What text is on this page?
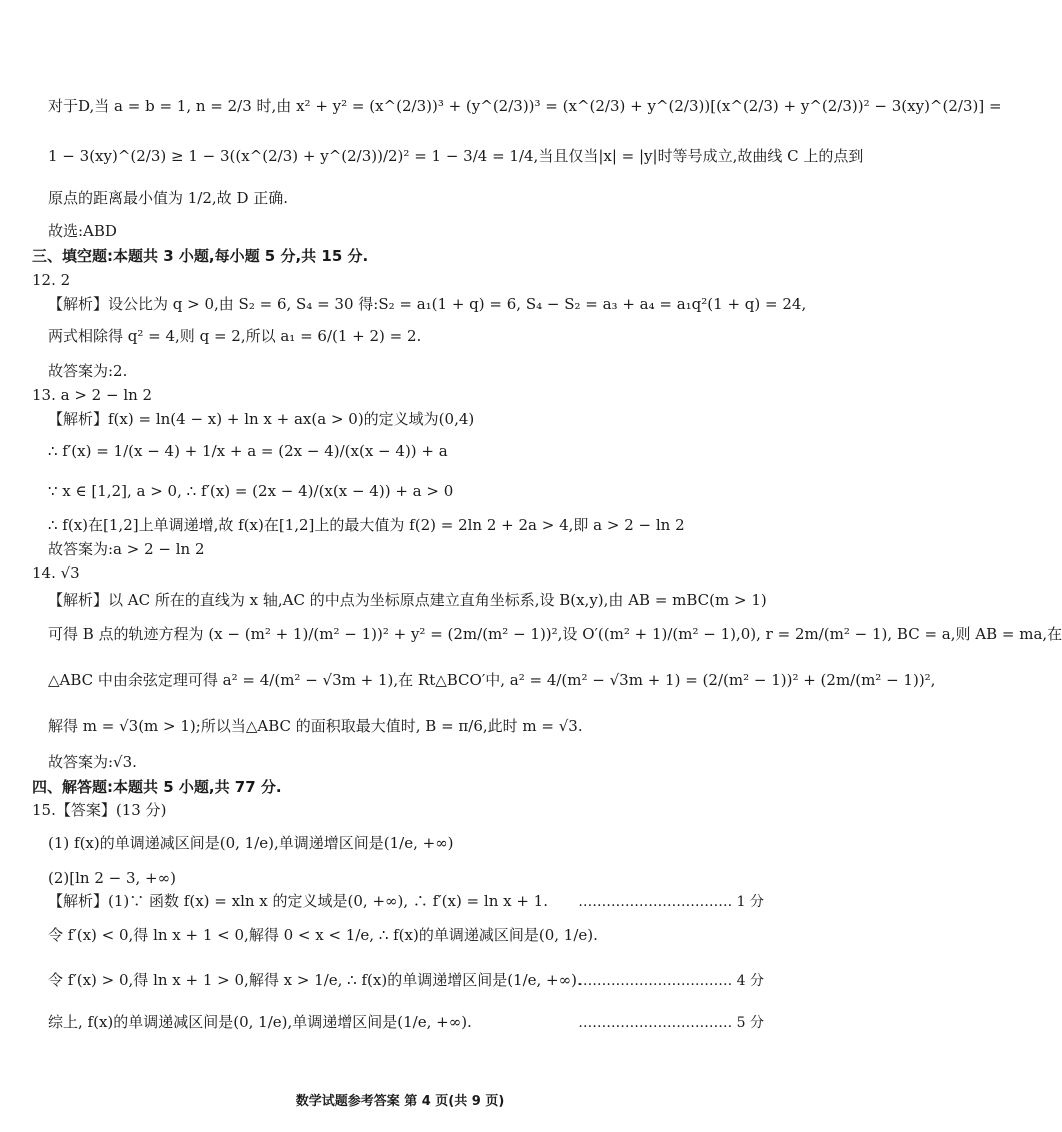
对于D,当 a = b = 1, n = 2/3 时,由 x² + y² = (x^(2/3))³ + (y^(2/3))³ = (x^(2/3) + y^(2/3))[(x^(2/3) + y^(2/3))² − 3(xy)^(2/3)] =
1 − 3(xy)^(2/3) ≥ 1 − 3((x^(2/3) + y^(2/3))/2)² = 1 − 3/4 = 1/4,当且仅当|x| = |y|时等号成立,故曲线 C 上的点到
原点的距离最小值为 1/2,故 D 正确.
故选:ABD
三、填空题:本题共 3 小题,每小题 5 分,共 15 分.
12. 2
【解析】设公比为 q > 0,由 S₂ = 6, S₄ = 30 得:S₂ = a₁(1 + q) = 6, S₄ − S₂ = a₃ + a₄ = a₁q²(1 + q) = 24,
两式相除得 q² = 4,则 q = 2,所以 a₁ = 6/(1 + 2) = 2.
故答案为:2.
13. a > 2 − ln 2
【解析】f(x) = ln(4 − x) + ln x + ax(a > 0)的定义域为(0,4)
∴ f′(x) = 1/(x − 4) + 1/x + a = (2x − 4)/(x(x − 4)) + a
∵ x ∈ [1,2], a > 0, ∴ f′(x) = (2x − 4)/(x(x − 4)) + a > 0
∴ f(x)在[1,2]上单调递增,故 f(x)在[1,2]上的最大值为 f(2) = 2ln 2 + 2a > 4,即 a > 2 − ln 2
故答案为:a > 2 − ln 2
14. √3
【解析】以 AC 所在的直线为 x 轴,AC 的中点为坐标原点建立直角坐标系,设 B(x,y),由 AB = mBC(m > 1)
可得 B 点的轨迹方程为 (x − (m² + 1)/(m² − 1))² + y² = (2m/(m² − 1))²,设 O′((m² + 1)/(m² − 1),0), r = 2m/(m² − 1), BC = a,则 AB = ma,在
△ABC 中由余弦定理可得 a² = 4/(m² − √3m + 1),在 Rt△BCO′中, a² = 4/(m² − √3m + 1) = (2/(m² − 1))² + (2m/(m² − 1))²,
解得 m = √3(m > 1);所以当△ABC 的面积取最大值时, B = π/6,此时 m = √3.
故答案为:√3.
四、解答题:本题共 5 小题,共 77 分.
15.【答案】(13 分)
(1) f(x)的单调递减区间是(0, 1/e),单调递增区间是(1/e, +∞)
(2)[ln 2 − 3, +∞)
【解析】(1)∵ 函数 f(x) = xln x 的定义域是(0, +∞), ∴ f′(x) = ln x + 1.	…………………………… 1 分
令 f′(x) < 0,得 ln x + 1 < 0,解得 0 < x < 1/e, ∴ f(x)的单调递减区间是(0, 1/e).
令 f′(x) > 0,得 ln x + 1 > 0,解得 x > 1/e, ∴ f(x)的单调递增区间是(1/e, +∞).
…………………………… 4 分
综上, f(x)的单调递减区间是(0, 1/e),单调递增区间是(1/e, +∞).	…………………………… 5 分
数学试题参考答案 第 4 页(共 9 页)
